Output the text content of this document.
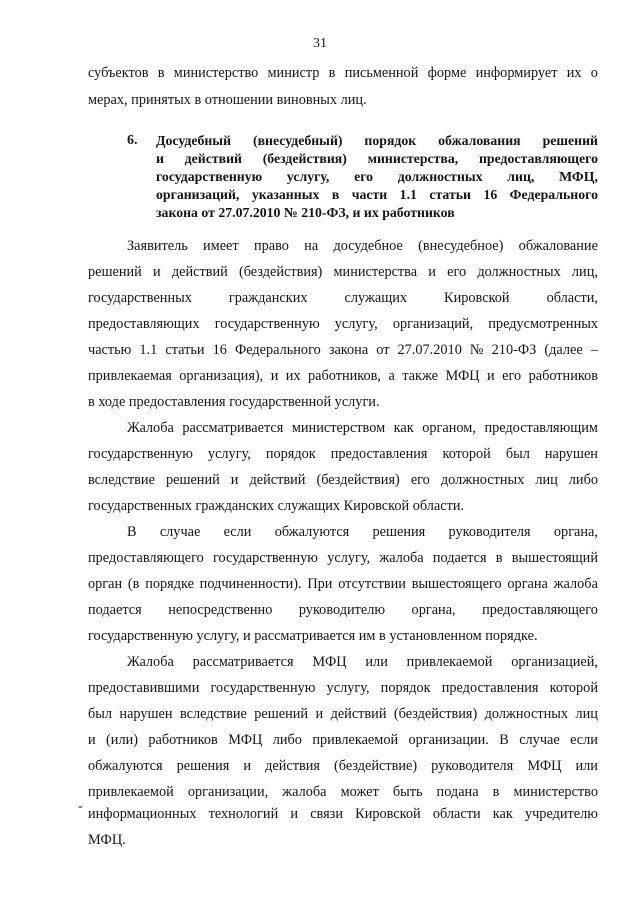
31
субъектов в министерство министр в письменной форме информирует их о
мерах, принятых в отношении виновных лиц.
6. Досудебный (внесудебный) порядок обжалования решений
и действий (бездействия) министерства, предоставляющего
государственную услугу, его должностных лиц, МФЦ,
организаций, указанных в части 1.1 статьи 16 Федерального
закона от 27.07.2010 № 210-ФЗ, и их работников
Заявитель имеет право на досудебное (внесудебное) обжалование
решений и действий (бездействия) министерства и его должностных лиц,
государственных	гражданских	служащих	Кировской	области,
предоставляющих государственную услугу, организаций, предусмотренных
частью 1.1 статьи 16 Федерального закона от 27.07.2010 № 210-ФЗ (далее –
привлекаемая организация), и их работников, а также МФЦ и его работников
в ходе предоставления государственной услуги.
Жалоба рассматривается министерством как органом, предоставляющим
государственную услугу, порядок предоставления которой был нарушен
вследствие решений и действий (бездействия) его должностных лиц либо
государственных гражданских служащих Кировской области.
В случае если обжалуются решения руководителя органа,
предоставляющего государственную услугу, жалоба подается в вышестоящий
орган (в порядке подчиненности). При отсутствии вышестоящего органа жалоба
подается непосредственно руководителю органа, предоставляющего
государственную услугу, и рассматривается им в установленном порядке.
Жалоба рассматривается МФЦ или привлекаемой организацией,
предоставившими государственную услугу, порядок предоставления которой
был нарушен вследствие решений и действий (бездействия) должностных лиц
и (или) работников МФЦ либо привлекаемой организации. В случае если
обжалуются решения и действия (бездействие) руководителя МФЦ или
привлекаемой организации, жалоба может быть подана в министерство
информационных технологий и связи Кировской области как учредителю
МФЦ.
-
